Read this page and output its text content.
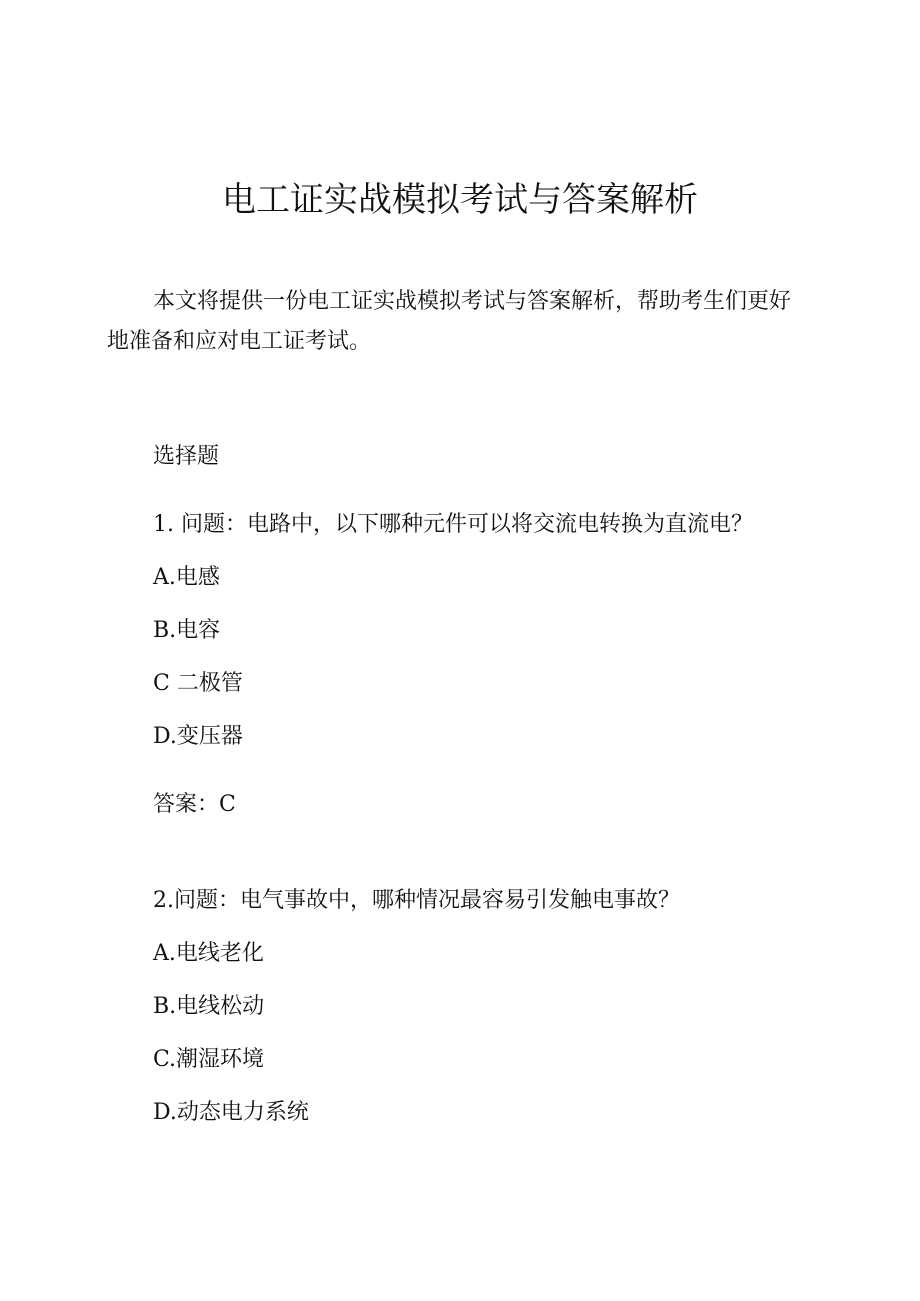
电工证实战模拟考试与答案解析

本文将提供一份电工证实战模拟考试与答案解析，帮助考生们更好地准备和应对电工证考试。

选择题

1. 问题：电路中，以下哪种元件可以将交流电转换为直流电？

A.电感

B.电容

C 二极管

D.变压器

答案：C

2.问题：电气事故中，哪种情况最容易引发触电事故？

A.电线老化

B.电线松动

C.潮湿环境

D.动态电力系统
